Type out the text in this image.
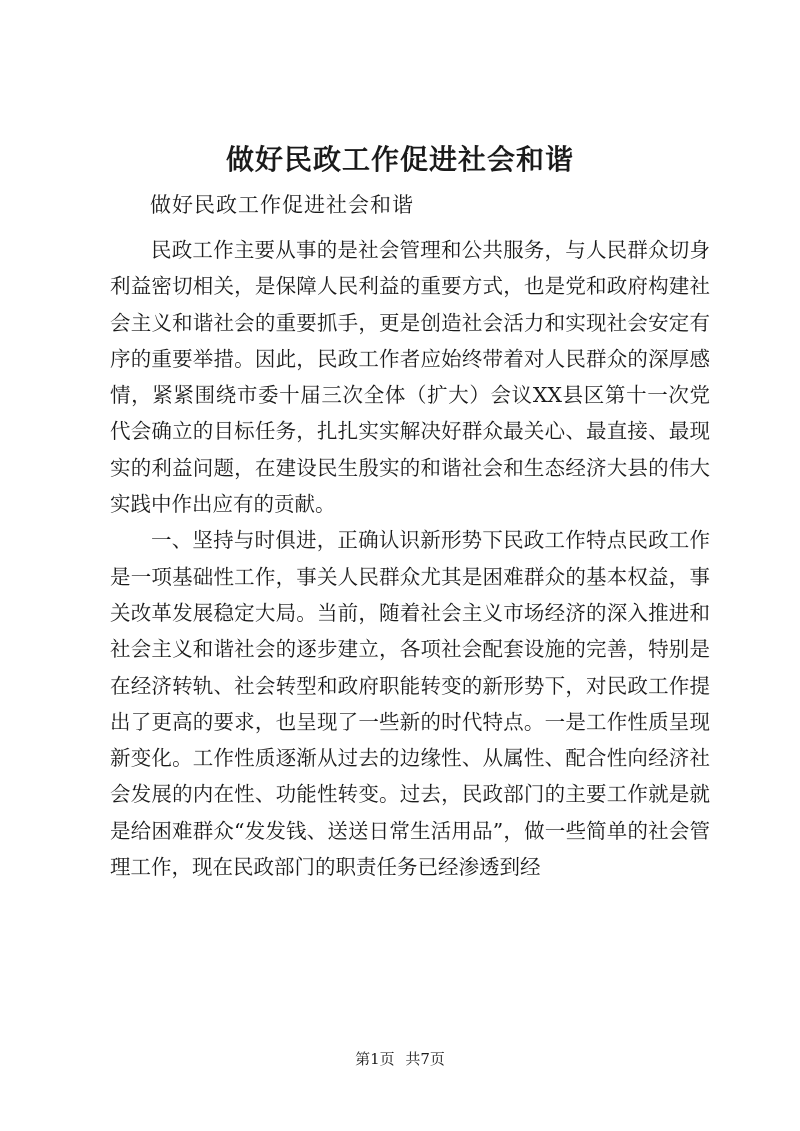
做好民政工作促进社会和谐
做好民政工作促进社会和谐

民政工作主要从事的是社会管理和公共服务，与人民群众切身利益密切相关，是保障人民利益的重要方式，也是党和政府构建社会主义和谐社会的重要抓手，更是创造社会活力和实现社会安定有序的重要举措。因此，民政工作者应始终带着对人民群众的深厚感情，紧紧围绕市委十届三次全体（扩大）会议XX县区第十一次党代会确立的目标任务，扎扎实实解决好群众最关心、最直接、最现实的利益问题，在建设民生殷实的和谐社会和生态经济大县的伟大实践中作出应有的贡献。

一、坚持与时俱进，正确认识新形势下民政工作特点民政工作是一项基础性工作，事关人民群众尤其是困难群众的基本权益，事关改革发展稳定大局。当前，随着社会主义市场经济的深入推进和社会主义和谐社会的逐步建立，各项社会配套设施的完善，特别是在经济转轨、社会转型和政府职能转变的新形势下，对民政工作提出了更高的要求，也呈现了一些新的时代特点。一是工作性质呈现新变化。工作性质逐渐从过去的边缘性、从属性、配合性向经济社会发展的内在性、功能性转变。过去，民政部门的主要工作就是就是给困难群众“发发钱、送送日常生活用品”，做一些简单的社会管理工作，现在民政部门的职责任务已经渗透到经

第1页 共7页
